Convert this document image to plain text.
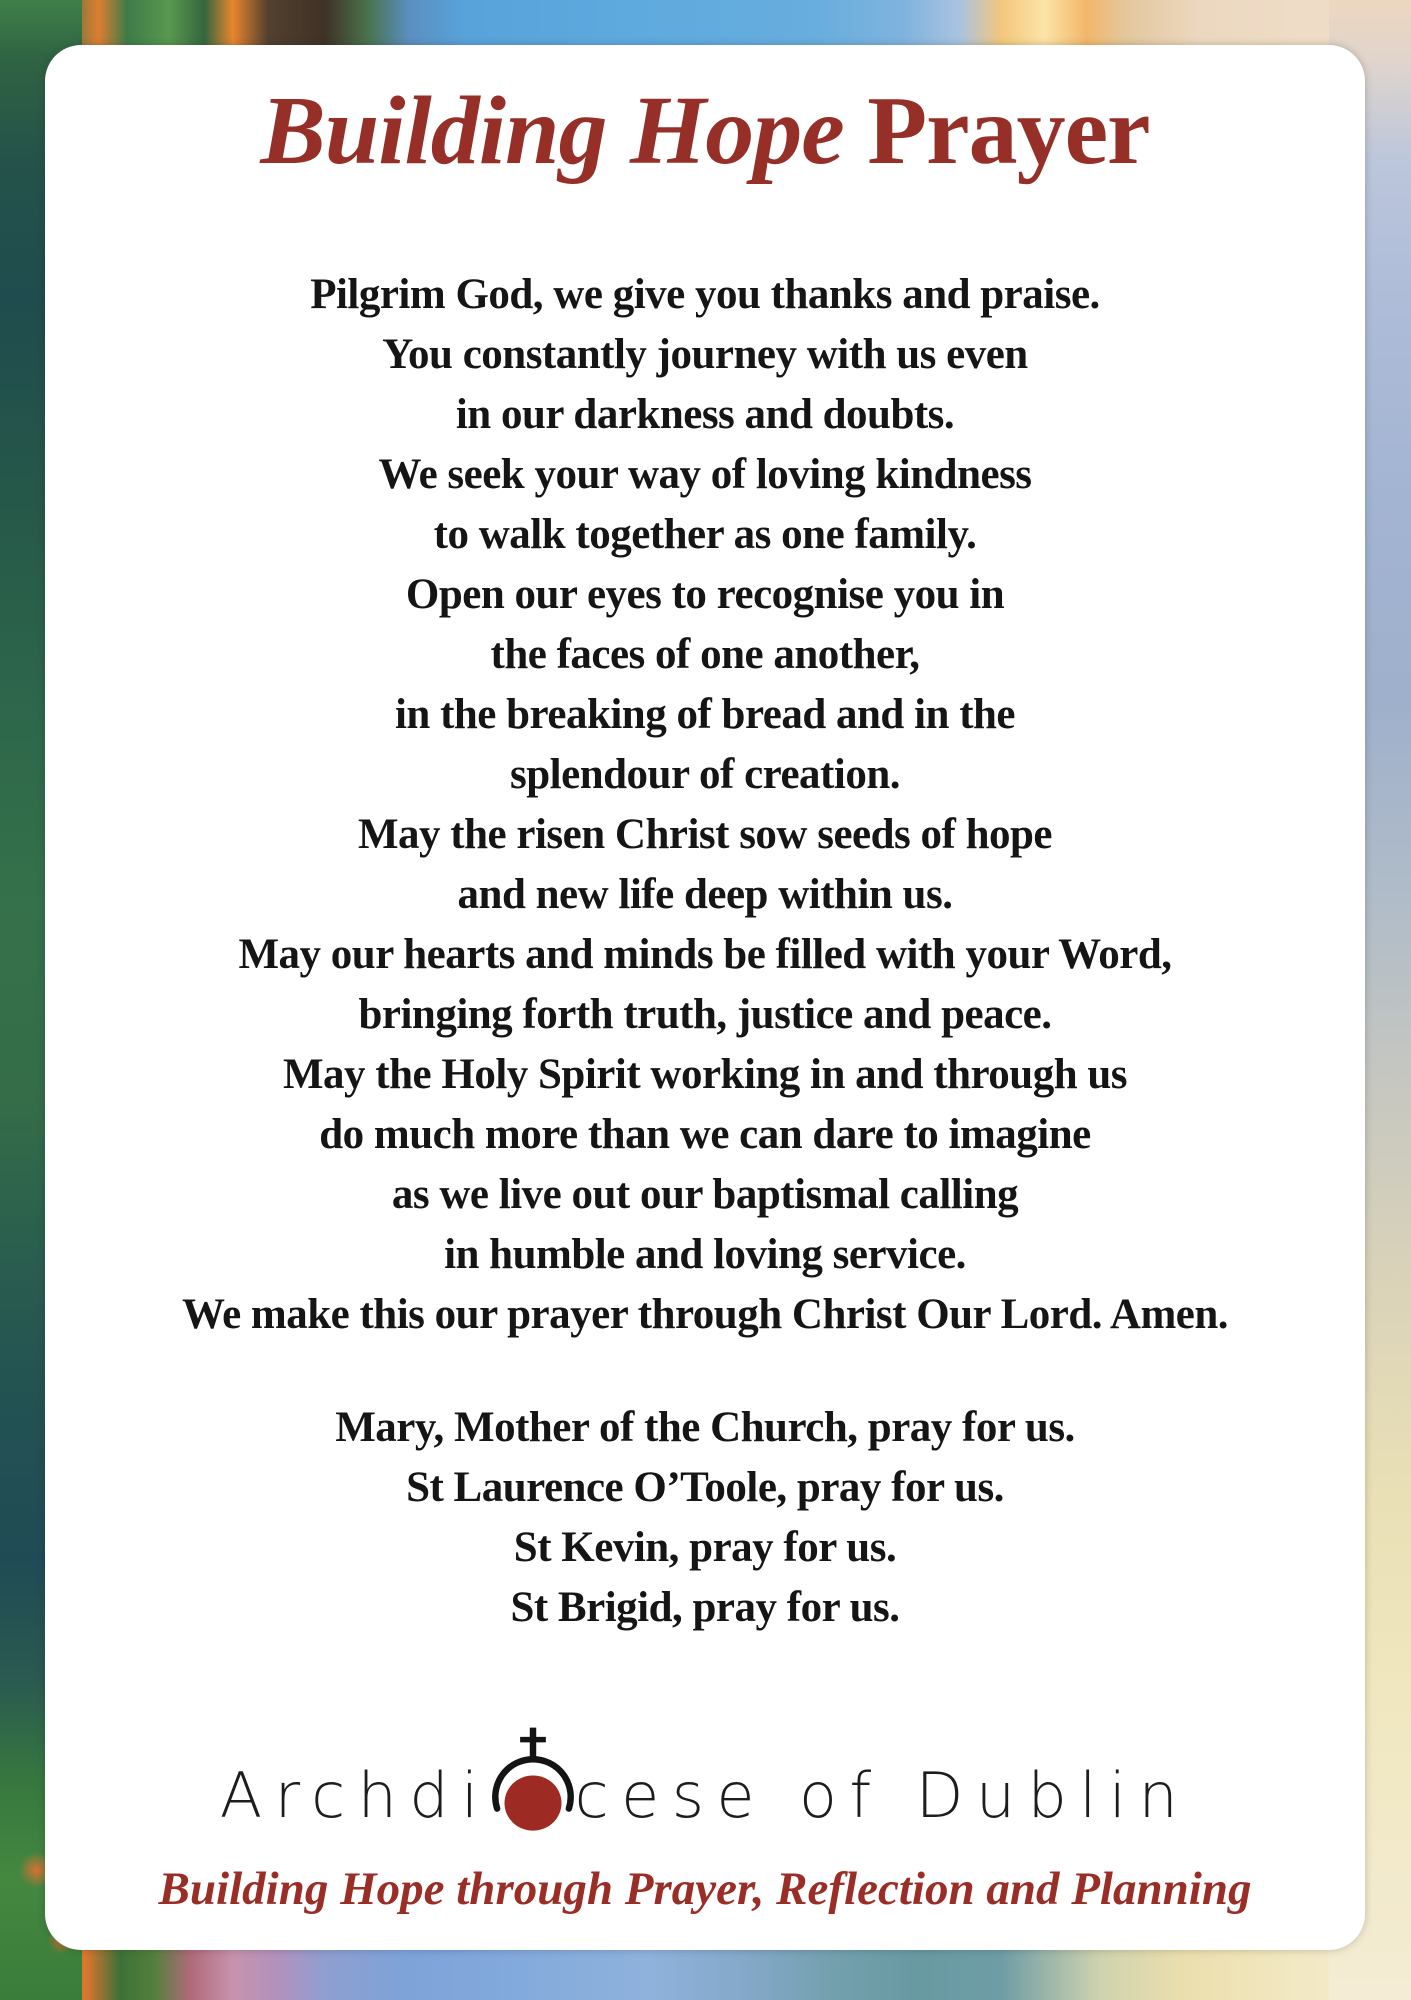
Building Hope Prayer
Pilgrim God, we give you thanks and praise.
You constantly journey with us even
in our darkness and doubts.
We seek your way of loving kindness
to walk together as one family.
Open our eyes to recognise you in
the faces of one another,
in the breaking of bread and in the
splendour of creation.
May the risen Christ sow seeds of hope
and new life deep within us.
May our hearts and minds be filled with your Word,
bringing forth truth, justice and peace.
May the Holy Spirit working in and through us
do much more than we can dare to imagine
as we live out our baptismal calling
in humble and loving service.
We make this our prayer through Christ Our Lord. Amen.
Mary, Mother of the Church, pray for us.
St Laurence O’Toole, pray for us.
St Kevin, pray for us.
St Brigid, pray for us.
Archdi cese of Dublin
Building Hope through Prayer, Reflection and Planning
